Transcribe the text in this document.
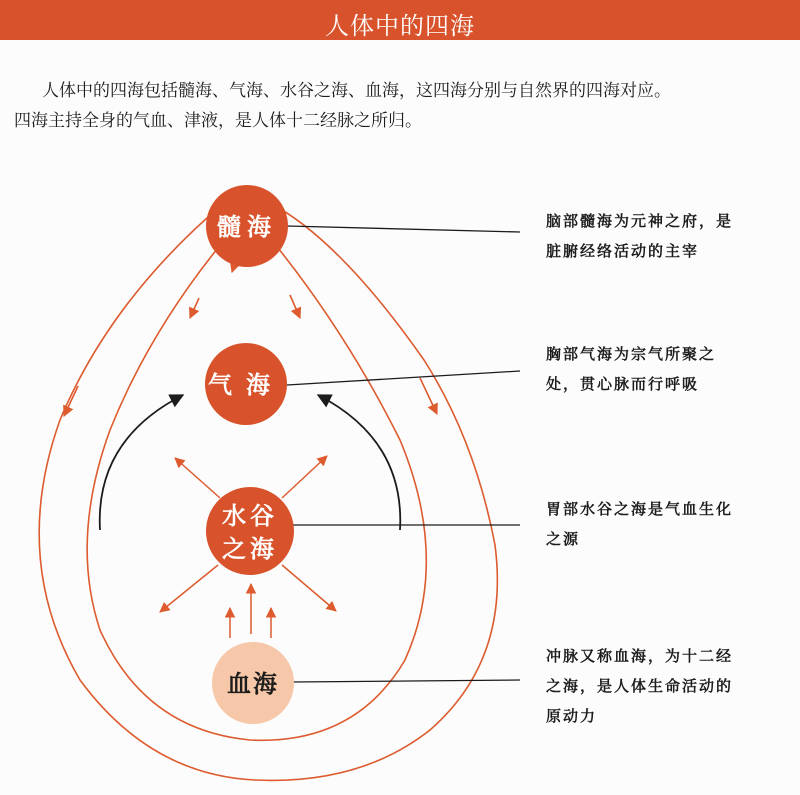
人体中的四海
人体中的四海包括髓海、气海、水谷之海、血海，这四海分别与自然界的四海对应。
四海主持全身的气血、津液，是人体十二经脉之所归。
髓海
气海
水谷
之海
血海
脑部髓海为元神之府，是脏腑经络活动的主宰
胸部气海为宗气所聚之处，贯心脉而行呼吸
胃部水谷之海是气血生化之源
冲脉又称血海，为十二经之海，是人体生命活动的原动力
